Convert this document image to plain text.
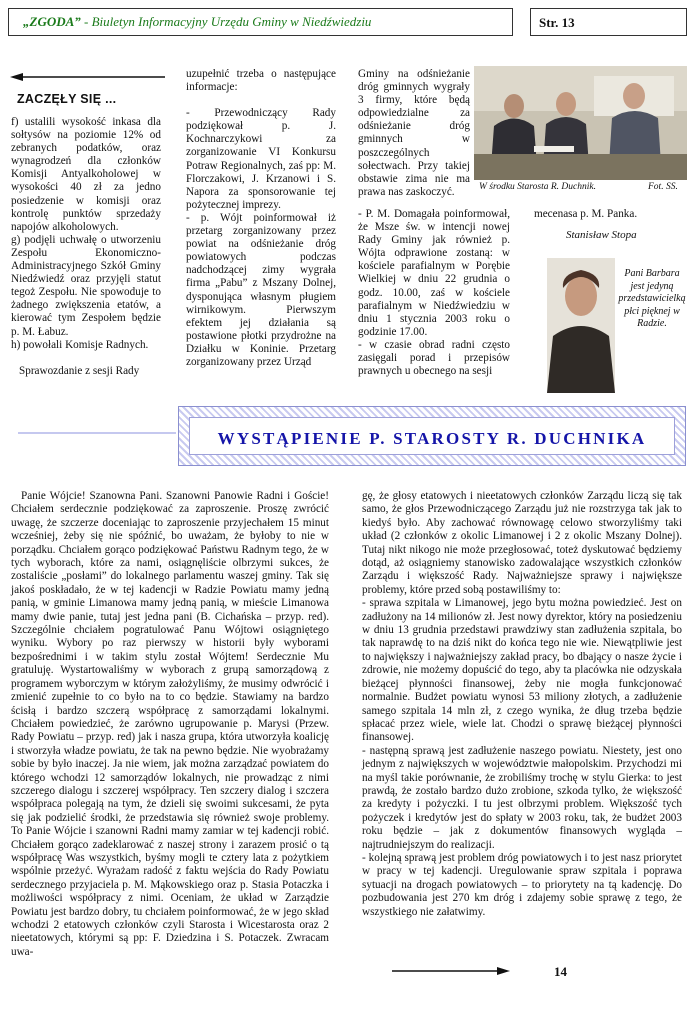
„ZGODA” - Biuletyn Informacyjny Urzędu Gminy w Niedźwiedziu	Str. 13
ZACZĘŁY SIĘ ...

f) ustalili wysokość inkasa dla sołtysów na poziomie 12% od zebranych podatków, oraz wynagrodzeń dla członków Komisji Antyalkoholowej w wysokości 40 zł za jedno posiedzenie w komisji oraz kontrolę punktów sprzedaży napojów alkoholowych.

g) podjęli uchwałę o utworzeniu Zespołu Ekonomiczno-Administracyjnego Szkół Gminy Niedźwiedź oraz przyjęli statut tegoż Zespołu. Nie spowoduje to żadnego zwiększenia etatów, a kierować tym Zespołem będzie p. M. Łabuz.

h) powołali Komisje Radnych.

Sprawozdanie z sesji Rady

uzupełnić trzeba o następujące informacje:

- Przewodniczący Rady podziękował p. J. Kochnarczykowi za zorganizowanie VI Konkursu Potraw Regionalnych, zaś pp: M. Florczakowi, J. Krzanowi i S. Napora za sponsorowanie tej pożytecznej imprezy.

- p. Wójt poinformował iż przetarg zorganizowany przez powiat na odśnieżanie dróg powiatowych podczas nadchodzącej zimy wygrała firma „Pabu” z Mszany Dolnej, dysponująca własnym pługiem wirnikowym. Pierwszym efektem jej działania są postawione płotki przydrożne na Działku w Koninie. Przetarg zorganizowany przez Urząd

Gminy na odśnieżanie dróg gminnych wygrały 3 firmy, które będą odpowiedzialne za odśnieżanie dróg gminnych w poszczególnych sołectwach. Przy takiej obstawie zima nie ma prawa nas zaskoczyć.

- P. M. Domagała poinformował, że Msze św. w intencji nowej Rady Gminy jak również p. Wójta odprawione zostaną: w kościele parafialnym w Porębie Wielkiej w dniu 22 grudnia o godz. 10.00, zaś w kościele parafialnym w Niedźwiedziu w dniu 1 stycznia 2003 roku o godzinie 17.00.

- w czasie obrad radni często zasięgali porad i przepisów prawnych u obecnego na sesji

W środku Starosta R. Duchnik.	Fot. SS.

mecenasa p. M. Panka.

Stanisław Stopa
Pani Barbara jest jedyną przedstawicielką płci pięknej w Radzie.
WYSTĄPIENIE P. STAROSTY R. DUCHNIKA

Panie Wójcie! Szanowna Pani. Szanowni Panowie Radni i Goście! Chciałem serdecznie podziękować za zaproszenie. Proszę zwrócić uwagę, że szczerze doceniając to zaproszenie przyjechałem 15 minut wcześniej, żeby się nie spóźnić, bo uważam, że byłoby to nie w porządku. Chciałem gorąco podziękować Państwu Radnym tego, że w tych wyborach, które za nami, osiągnęliście olbrzymi sukces, że zostaliście „posłami” do lokalnego parlamentu waszej gminy. Tak się jakoś poskładało, że w tej kadencji w Radzie Powiatu mamy jedną panią, w gminie Limanowa mamy jedną panią, w mieście Limanowa mamy dwie panie, tutaj jest jedna pani (B. Cichańska – przyp. red). Szczególnie chciałem pogratulować Panu Wójtowi osiągniętego wyniku. Wybory po raz pierwszy w historii były wyborami bezpośrednimi i w takim stylu został Wójtem! Serdecznie Mu gratuluję. Wystartowaliśmy w wyborach z grupą samorządową z programem wyborczym w którym założyliśmy, że musimy odwrócić i zmienić zupełnie to co było na to co będzie. Stawiamy na bardzo ścisłą i bardzo szczerą współpracę z samorządami lokalnymi. Chciałem powiedzieć, że zarówno ugrupowanie p. Marysi (Przew. Rady Powiatu – przyp. red) jak i nasza grupa, która utworzyła koalicję i stworzyła władze powiatu, że tak na pewno będzie. Nie wyobrażamy sobie by było inaczej. Ja nie wiem, jak można zarządzać powiatem do którego wchodzi 12 samorządów lokalnych, nie prowadząc z nimi szczerego dialogu i szczerej współpracy. Ten szczery dialog i szczera współpraca polegają na tym, że dzieli się swoimi sukcesami, że pyta się jak podzielić środki, że przedstawia się również swoje problemy. To Panie Wójcie i szanowni Radni mamy zamiar w tej kadencji robić. Chciałem gorąco zadeklarować z naszej strony i zarazem prosić o tą współpracę Was wszystkich, byśmy mogli te cztery lata z pożytkiem wspólnie przeżyć. Wyrażam radość z faktu wejścia do Rady Powiatu serdecznego przyjaciela p. M. Mąkowskiego oraz p. Stasia Potaczka i możliwości współpracy z nimi. Oceniam, że układ w Zarządzie Powiatu jest bardzo dobry, tu chciałem poinformować, że w jego skład wchodzi 2 etatowych członków czyli Starosta i Wicestarosta oraz 2 nieetatowych, którymi są pp: F. Dziedzina i S. Potaczek. Zwracam uwa-

gę, że głosy etatowych i nieetatowych członków Zarządu liczą się tak samo, że głos Przewodniczącego Zarządu już nie rozstrzyga tak jak to kiedyś było. Aby zachować równowagę celowo stworzyliśmy taki układ (2 członków z okolic Limanowej i 2 z okolic Mszany Dolnej). Tutaj nikt nikogo nie może przegłosować, toteż dyskutować będziemy dotąd, aż osiągniemy stanowisko zadowalające wszystkich członków Zarządu i większość Rady. Najważniejsze sprawy i największe problemy, które przed sobą postawiliśmy to:

- sprawa szpitala w Limanowej, jego bytu można powiedzieć. Jest on zadłużony na 14 milionów zł. Jest nowy dyrektor, który na posiedzeniu w dniu 13 grudnia przedstawi prawdziwy stan zadłużenia szpitala, bo tak naprawdę to na dziś nikt do końca tego nie wie. Niewątpliwie jest to największy i najważniejszy zakład pracy, bo dbający o nasze życie i zdrowie, nie możemy dopuścić do tego, aby ta placówka nie odzyskała bieżącej płynności finansowej, żeby nie mogła funkcjonować normalnie. Budżet powiatu wynosi 53 miliony złotych, a zadłużenie samego szpitala 14 mln zł, z czego wynika, że dług trzeba będzie spłacać przez wiele, wiele lat. Chodzi o sprawę bieżącej płynności finansowej.

- następną sprawą jest zadłużenie naszego powiatu. Niestety, jest ono jednym z największych w województwie małopolskim. Przychodzi mi na myśl takie porównanie, że zrobiliśmy trochę w stylu Gierka: to jest prawdą, że zostało bardzo dużo zrobione, szkoda tylko, że większość za kredyty i pożyczki. I tu jest olbrzymi problem. Większość tych pożyczek i kredytów jest do spłaty w 2003 roku, tak, że budżet 2003 roku będzie – jak z dokumentów finansowych wygląda – najtrudniejszym do realizacji.

- kolejną sprawą jest problem dróg powiatowych i to jest nasz priorytet w pracy w tej kadencji. Uregulowanie spraw szpitala i poprawa sytuacji na drogach powiatowych – to priorytety na tą kadencję. Do pozbudowania jest 270 km dróg i zdajemy sobie sprawę z tego, że wszystkiego nie załatwimy.

14
